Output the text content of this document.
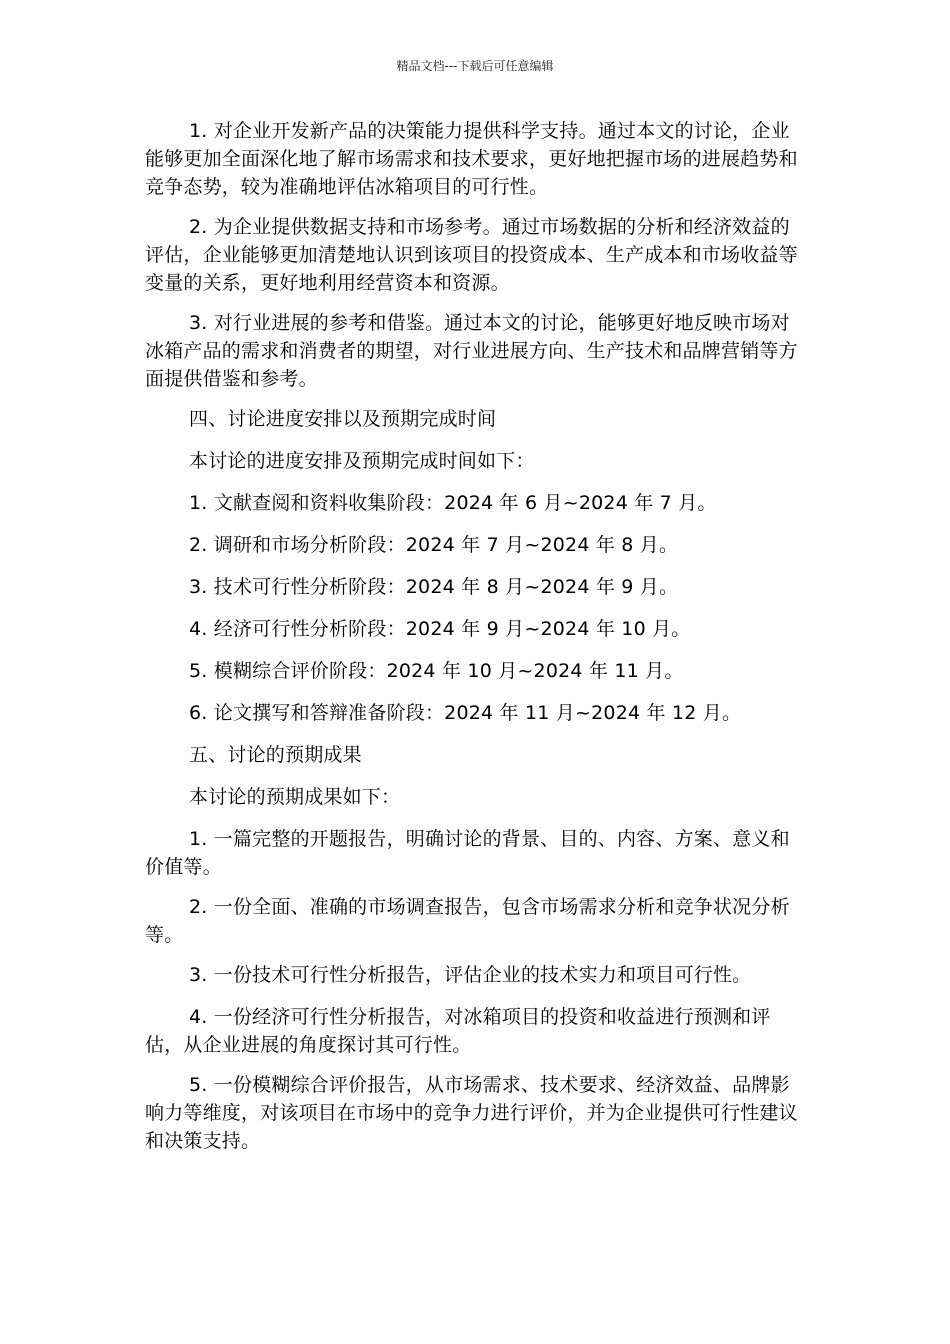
精品文档---下载后可任意编辑

1. 对企业开发新产品的决策能力提供科学支持。通过本文的讨论，企业能够更加全面深化地了解市场需求和技术要求，更好地把握市场的进展趋势和竞争态势，较为准确地评估冰箱项目的可行性。

2. 为企业提供数据支持和市场参考。通过市场数据的分析和经济效益的评估，企业能够更加清楚地认识到该项目的投资成本、生产成本和市场收益等变量的关系，更好地利用经营资本和资源。

3. 对行业进展的参考和借鉴。通过本文的讨论，能够更好地反映市场对冰箱产品的需求和消费者的期望，对行业进展方向、生产技术和品牌营销等方面提供借鉴和参考。

四、讨论进度安排以及预期完成时间

本讨论的进度安排及预期完成时间如下：

1. 文献查阅和资料收集阶段：2024 年 6 月~2024 年 7 月。

2. 调研和市场分析阶段：2024 年 7 月~2024 年 8 月。

3. 技术可行性分析阶段：2024 年 8 月~2024 年 9 月。

4. 经济可行性分析阶段：2024 年 9 月~2024 年 10 月。

5. 模糊综合评价阶段：2024 年 10 月~2024 年 11 月。

6. 论文撰写和答辩准备阶段：2024 年 11 月~2024 年 12 月。

五、讨论的预期成果

本讨论的预期成果如下：

1. 一篇完整的开题报告，明确讨论的背景、目的、内容、方案、意义和价值等。

2. 一份全面、准确的市场调查报告，包含市场需求分析和竞争状况分析等。

3. 一份技术可行性分析报告，评估企业的技术实力和项目可行性。

4. 一份经济可行性分析报告，对冰箱项目的投资和收益进行预测和评估，从企业进展的角度探讨其可行性。

5. 一份模糊综合评价报告，从市场需求、技术要求、经济效益、品牌影响力等维度，对该项目在市场中的竞争力进行评价，并为企业提供可行性建议和决策支持。
